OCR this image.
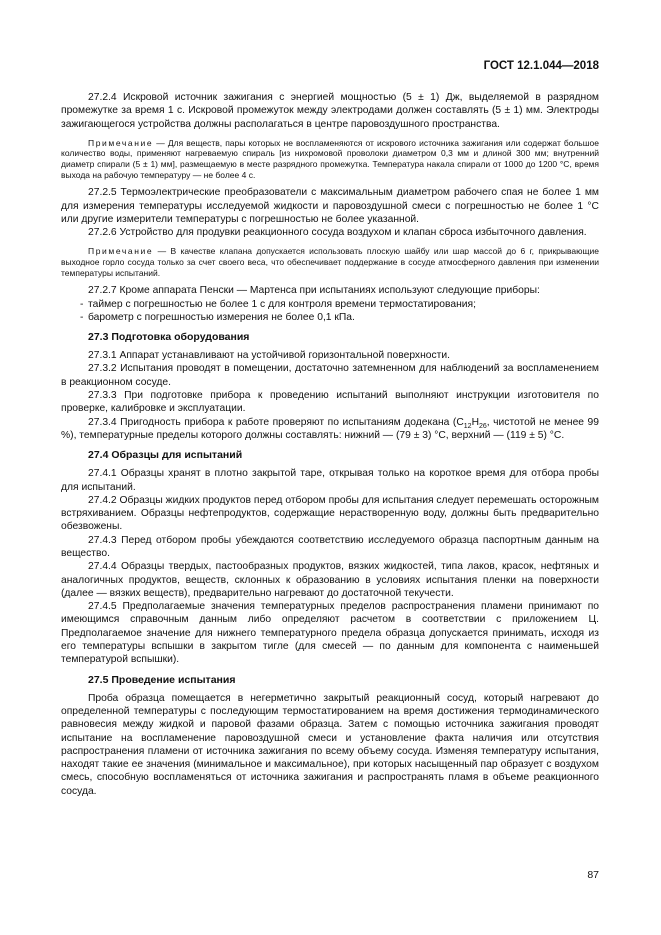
ГОСТ 12.1.044—2018

27.2.4 Искровой источник зажигания с энергией мощностью (5 ± 1) Дж, выделяемой в разрядном промежутке за время 1 с. Искровой промежуток между электродами должен составлять (5 ± 1) мм. Электроды зажигающегося устройства должны располагаться в центре паровоздушного пространства.

Примечание — Для веществ, пары которых не воспламеняются от искрового источника зажигания или содержат большое количество воды, применяют нагреваемую спираль [из нихромовой проволоки диаметром 0,3 мм и длиной 300 мм; внутренний диаметр спирали (5 ± 1) мм], размещаемую в месте разрядного промежутка. Температура накала спирали от 1000 до 1200 °С, время выхода на рабочую температуру — не более 4 с.

27.2.5 Термоэлектрические преобразователи с максимальным диаметром рабочего спая не более 1 мм для измерения температуры исследуемой жидкости и паровоздушной смеси с погрешностью не более 1 °С или другие измерители температуры с погрешностью не более указанной.

27.2.6 Устройство для продувки реакционного сосуда воздухом и клапан сброса избыточного давления.

Примечание — В качестве клапана допускается использовать плоскую шайбу или шар массой до 6 г, прикрывающие выходное горло сосуда только за счет своего веса, что обеспечивает поддержание в сосуде атмосферного давления при изменении температуры испытаний.

27.2.7 Кроме аппарата Пенски — Мартенса при испытаниях используют следующие приборы:

- таймер с погрешностью не более 1 с для контроля времени термостатирования;

- барометр с погрешностью измерения не более 0,1 кПа.

27.3 Подготовка оборудования

27.3.1 Аппарат устанавливают на устойчивой горизонтальной поверхности.

27.3.2 Испытания проводят в помещении, достаточно затемненном для наблюдений за воспламенением в реакционном сосуде.

27.3.3 При подготовке прибора к проведению испытаний выполняют инструкции изготовителя по проверке, калибровке и эксплуатации.

27.3.4 Пригодность прибора к работе проверяют по испытаниям додекана ($C_{12}H_{26}$, чистотой не менее 99 %), температурные пределы которого должны составлять: нижний — (79 ± 3) °С, верхний — (119 ± 5) °С.

27.4 Образцы для испытаний

27.4.1 Образцы хранят в плотно закрытой таре, открывая только на короткое время для отбора пробы для испытаний.

27.4.2 Образцы жидких продуктов перед отбором пробы для испытания следует перемешать осторожным встряхиванием. Образцы нефтепродуктов, содержащие нерастворенную воду, должны быть предварительно обезвожены.

27.4.3 Перед отбором пробы убеждаются соответствию исследуемого образца паспортным данным на вещество.

27.4.4 Образцы твердых, пастообразных продуктов, вязких жидкостей, типа лаков, красок, нефтяных и аналогичных продуктов, веществ, склонных к образованию в условиях испытания пленки на поверхности (далее — вязких веществ), предварительно нагревают до достаточной текучести.

27.4.5 Предполагаемые значения температурных пределов распространения пламени принимают по имеющимся справочным данным либо определяют расчетом в соответствии с приложением Ц. Предполагаемое значение для нижнего температурного предела образца допускается принимать, исходя из его температуры вспышки в закрытом тигле (для смесей — по данным для компонента с наименьшей температурой вспышки).

27.5 Проведение испытания

Проба образца помещается в негерметично закрытый реакционный сосуд, который нагревают до определенной температуры с последующим термостатированием на время достижения термодинамического равновесия между жидкой и паровой фазами образца. Затем с помощью источника зажигания проводят испытание на воспламенение паровоздушной смеси и установление факта наличия или отсутствия распространения пламени от источника зажигания по всему объему сосуда. Изменяя температуру испытания, находят такие ее значения (минимальное и максимальное), при которых насыщенный пар образует с воздухом смесь, способную воспламеняться от источника зажигания и распространять пламя в объеме реакционного сосуда.

87
